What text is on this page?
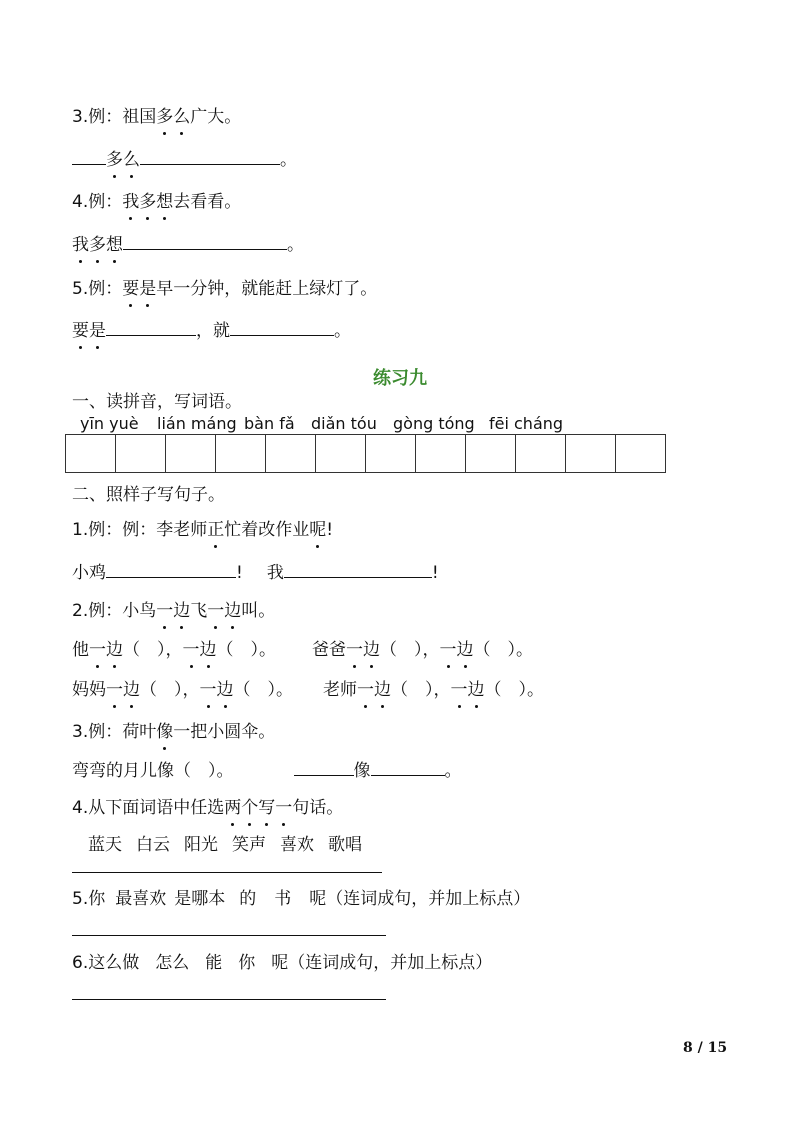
3.例：祖国多么广大。
多么	。
4.例：我多想去看看。
我多想	。
5.例：要是早一分钟，就能赶上绿灯了。
要是	，就	。
练习九
一、读拼音，写词语。
yīn yuè lián máng bàn fǎ diǎn tóu gòng tóng fēi cháng
二、照样子写句子。
1.例：例：李老师正忙着改作业呢!
小鸡	! 我	!
2.例：小鸟一边飞一边叫。
他一边（　），一边（　）。 爸爸一边（　），一边（　）。
妈妈一边（　），一边（　）。 老师一边（　），一边（　）。
3.例：荷叶像一把小圆伞。
弯弯的月儿像（　）。	像	。
4.从下面词语中任选两个写一句话。
蓝天 白云 阳光 笑声 喜欢 歌唱
5.你 最喜欢 是哪本 的 书 呢（连词成句，并加上标点）
6.这么做 怎么 能 你 呢（连词成句，并加上标点）
8 / 15
